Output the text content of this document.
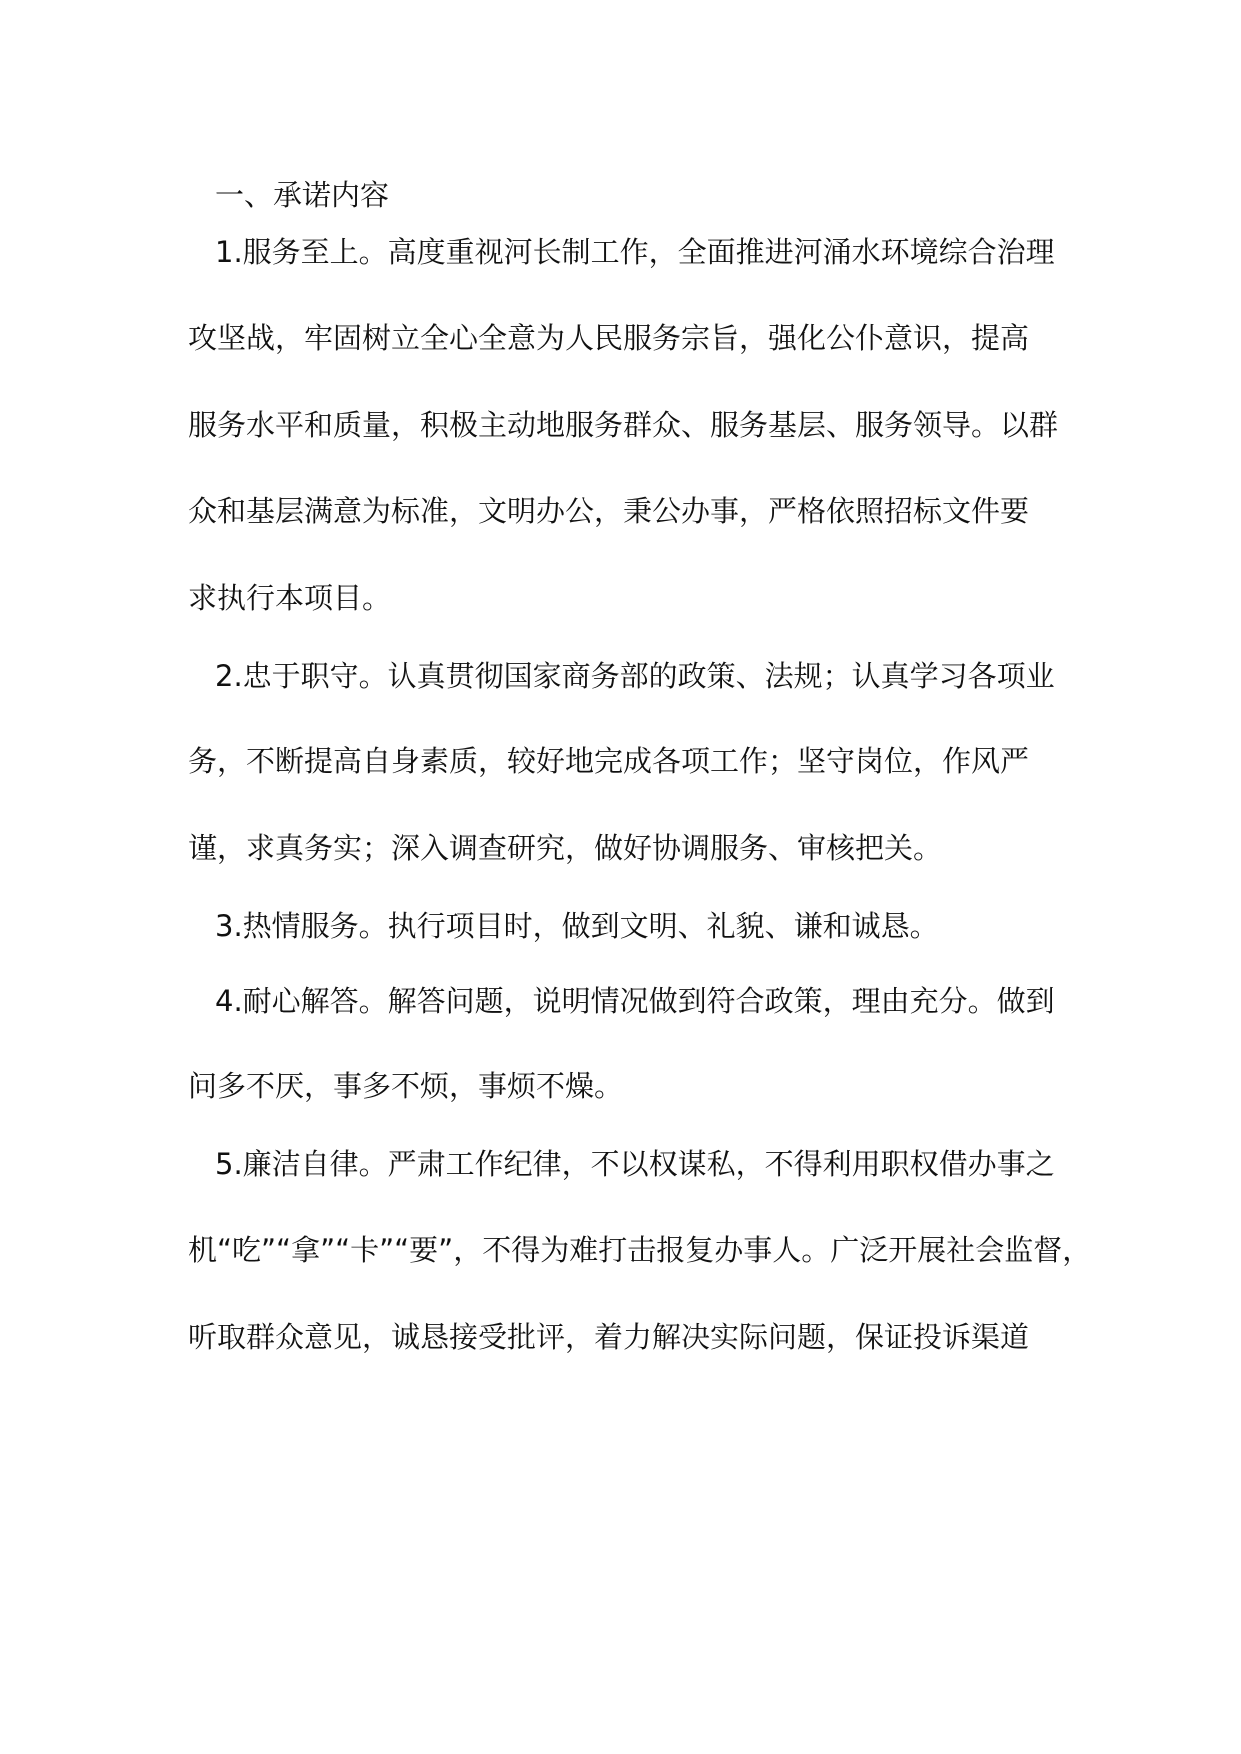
一、承诺内容
1.服务至上。高度重视河长制工作，全面推进河涌水环境综合治理
攻坚战，牢固树立全心全意为人民服务宗旨，强化公仆意识，提高
服务水平和质量，积极主动地服务群众、服务基层、服务领导。以群
众和基层满意为标准，文明办公，秉公办事，严格依照招标文件要
求执行本项目。
2.忠于职守。认真贯彻国家商务部的政策、法规；认真学习各项业
务，不断提高自身素质，较好地完成各项工作；坚守岗位，作风严
谨，求真务实；深入调查研究，做好协调服务、审核把关。
3.热情服务。执行项目时，做到文明、礼貌、谦和诚恳。
4.耐心解答。解答问题，说明情况做到符合政策，理由充分。做到
问多不厌，事多不烦，事烦不燥。
5.廉洁自律。严肃工作纪律，不以权谋私，不得利用职权借办事之
机“吃”“拿”“卡”“要”，不得为难打击报复办事人。广泛开展社会监督，
听取群众意见，诚恳接受批评，着力解决实际问题，保证投诉渠道
